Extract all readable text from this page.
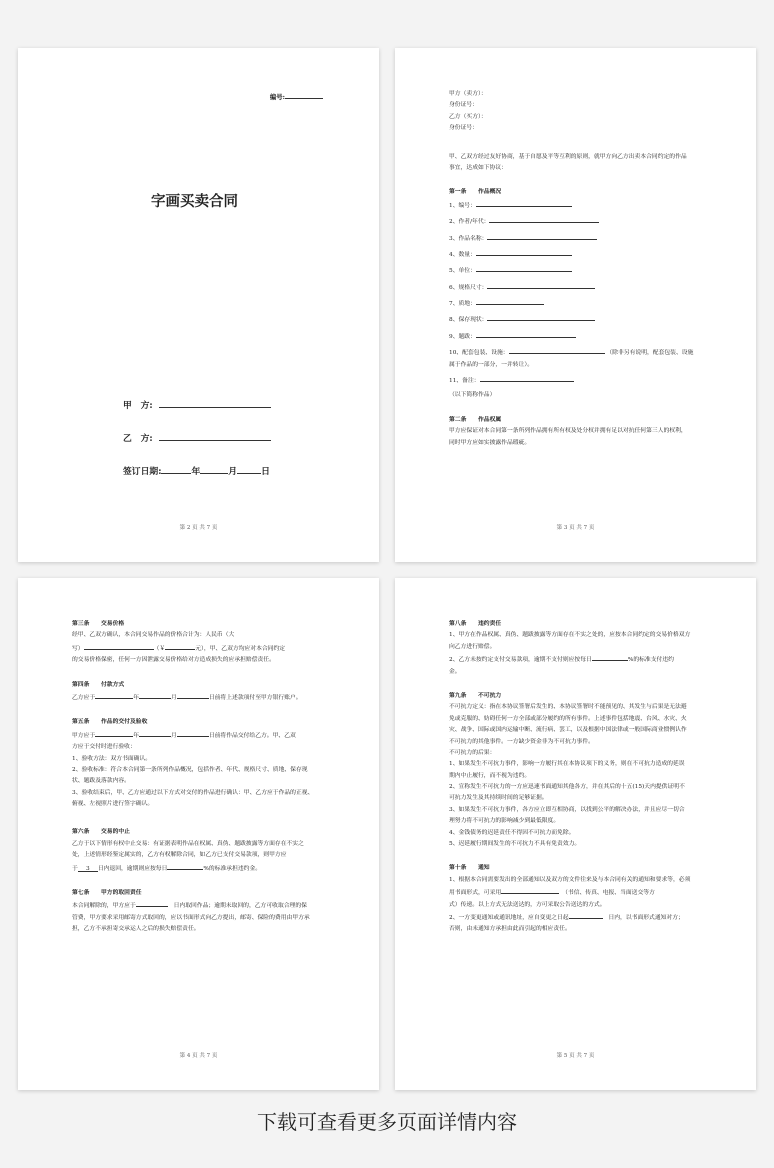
编号:
字画买卖合同
甲　方:
乙　方:
签订日期:	年	月	日
第 2 页 共 7 页
甲方（卖方）：
身份证号：
乙方（买方）：
身份证号：
甲、乙双方经过友好协商，基于自愿及平等互利的原则，就甲方向乙方出卖本合同约定的作品
事宜，达成如下协议：
第一条　　作品概况
1、编号：
2、作者/年代：
3、作品名称：
4、数量：
5、单位：
6、规格尺寸：
7、质地：
8、保存现状：
9、题跋：
10、配套包装、设施：	（除非另有说明，配套包装、设施
属于作品的一部分，一并转让）。
11、备注：
（以下简称作品）
第二条　　作品权属
甲方应保证对本合同第一条所列作品拥有所有权及处分权并拥有足以对抗任何第三人的权利，
同时甲方应如实披露作品瑕疵。
第 3 页 共 7 页
第三条　　交易价格
经甲、乙双方确认，本合同交易作品的价格合计为：人民币（大
写）	（￥	元），甲、乙双方均应对本合同约定
的交易价格保密，任何一方因泄露交易价格给对方造成损失的应承担赔偿责任。
第四条　　付款方式
乙方应于	年	月	日前将上述款项付至甲方银行账户。
第五条　　作品的交付及验收
甲方应于	年	月	日前将作品交付给乙方。甲、乙双
方应于交付时进行验收：
1、验收方法：双方书面确认。
2、验收标准：符合本合同第一条所列作品概况，包括作者、年代、规格尺寸、质地、保存现
状、题跋及落款内容。
3、验收结束后，甲、乙方应通过以下方式对交付的作品进行确认：甲、乙方应于作品的正视、
俯视、左视照片进行签字确认。
第六条　　交易的中止
乙方于以下情形有权中止交易：有证据表明作品在权属、真伪、题跋披露等方面存在不实之
处，上述情形经鉴定属实的，乙方有权解除合同，如乙方已支付交易款项，则甲方应
于 3 日内退回，逾期则应按每日	%的标准承担违约金。
第七条　　甲方的取回责任
本合同解除的，甲方应于　	日内取回作品；逾期未取回的，乙方可收取合理的保
管费，甲方要求采用邮寄方式取回的，应以书面形式向乙方提出，邮寄、保险的费用由甲方承
担，乙方不承担寄交承运人之后的损失赔偿责任。
第 4 页 共 7 页
第八条　　违约责任
1、甲方在作品权属、真伪、题跋披露等方面存在不实之处的，应按本合同约定的交易价格双方
向乙方进行赔偿。
2、乙方未按约定支付交易款项，逾期不支付则应按每日	%的标准支付违约
金。
第九条　　不可抗力
不可抗力定义：指在本协议签署后发生的、本协议签署时不能预见的、其发生与后果是无法避
免或克服的、妨碍任何一方全部或部分履约的所有事件。上述事件包括地震、台风、水灾、火
灾、战争、国际或国内运输中断、流行病、罢工，以及根据中国法律或一般国际商业惯例认作
不可抗力的其他事件。一方缺少资金非为不可抗力事件。
不可抗力的后果：
1、如果发生不可抗力事件，影响一方履行其在本协议项下的义务，则在不可抗力造成的延误
期内中止履行，而不视为违约。
2、宣称发生不可抗力的一方应迅速书面通知其他各方，并在其后的十五(15)天内提供证明不
可抗力发生及其持续时间的足够证据。
3、如果发生不可抗力事件，各方应立即互相协商，以找到公平的解决办法，并且应尽一切合
理努力将不可抗力的影响减少到最低限度。
4、金钱债务的迟延责任不得因不可抗力而免除。
5、迟延履行期间发生的不可抗力不具有免责效力。
第十条　　通知
1、根据本合同需要发出的全部通知以及双方的文件往来及与本合同有关的通知和要求等，必须
用书面形式，可采用　	（书信、传真、电报、当面送交等方
式）传递。以上方式无法送达的，方可采取公告送达的方式。
2、一方变更通知或通讯地址，应自变更之日起　	日内，以书面形式通知对方；
否则，由未通知方承担由此而引起的相应责任。
第 5 页 共 7 页
下载可查看更多页面详情内容
